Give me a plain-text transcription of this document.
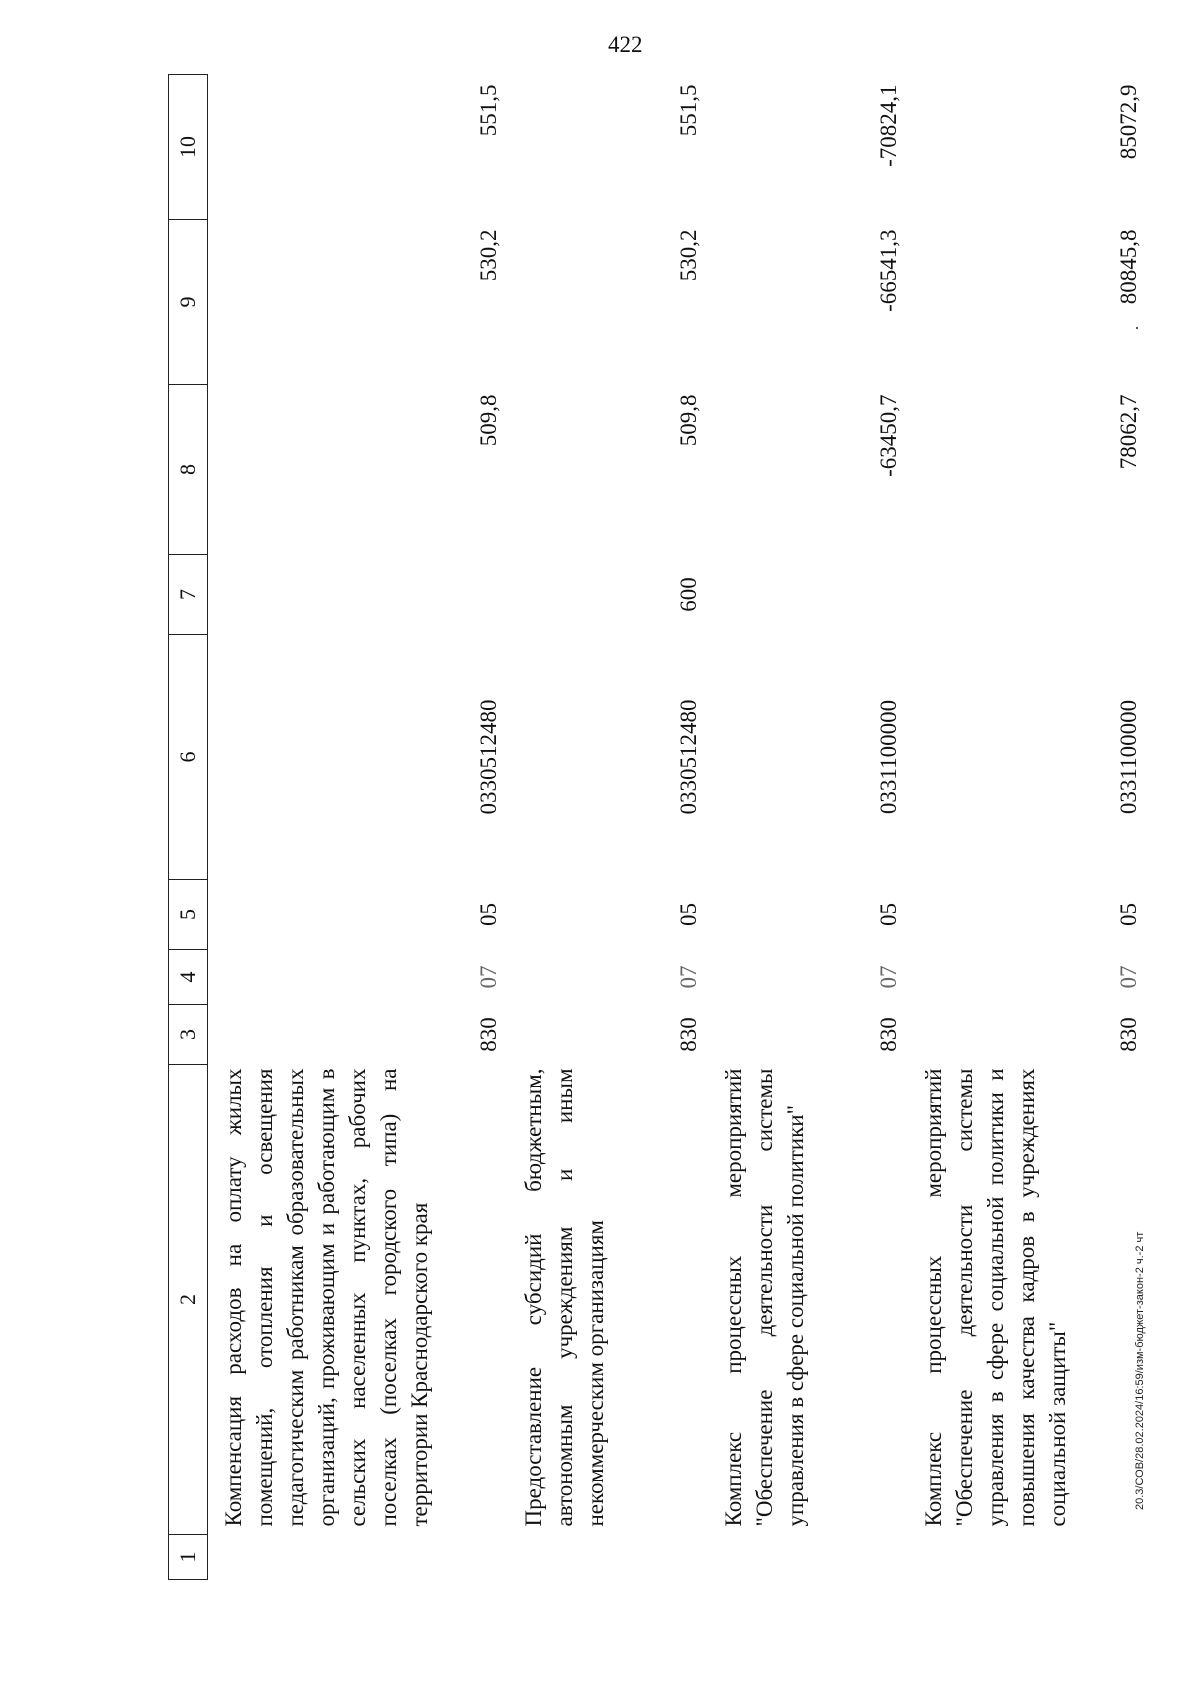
422
1	2	3	4	5	6	7	8	9	10
	Компенсация расходов на оплату жилых помещений, отопления и освещения педагогическим работникам образовательных организаций, проживающим и работающим в сельских населенных пунктах, рабочих поселках (поселках городского типа) на территории Краснодарского края	830	07	05	0330512480		509,8	530,2	551,5
	Предоставление субсидий бюджетным, автономным учреждениям и иным некоммерческим организациям	830	07	05	0330512480	600	509,8	530,2	551,5
	Комплекс процессных мероприятий "Обеспечение деятельности системы управления в сфере социальной политики"	830	07	05	0331100000		-63450,7	-66541,3	-70824,1
	Комплекс процессных мероприятий "Обеспечение деятельности системы управления в сфере социальной политики и повышения качества кадров в учреждениях социальной защиты"	830	07	05	0331100000		78062,7	80845,8	85072,9
20.3/СОВ/28.02.2024/16:59/изм-бюджет-закон-2 ч.-2 чт
